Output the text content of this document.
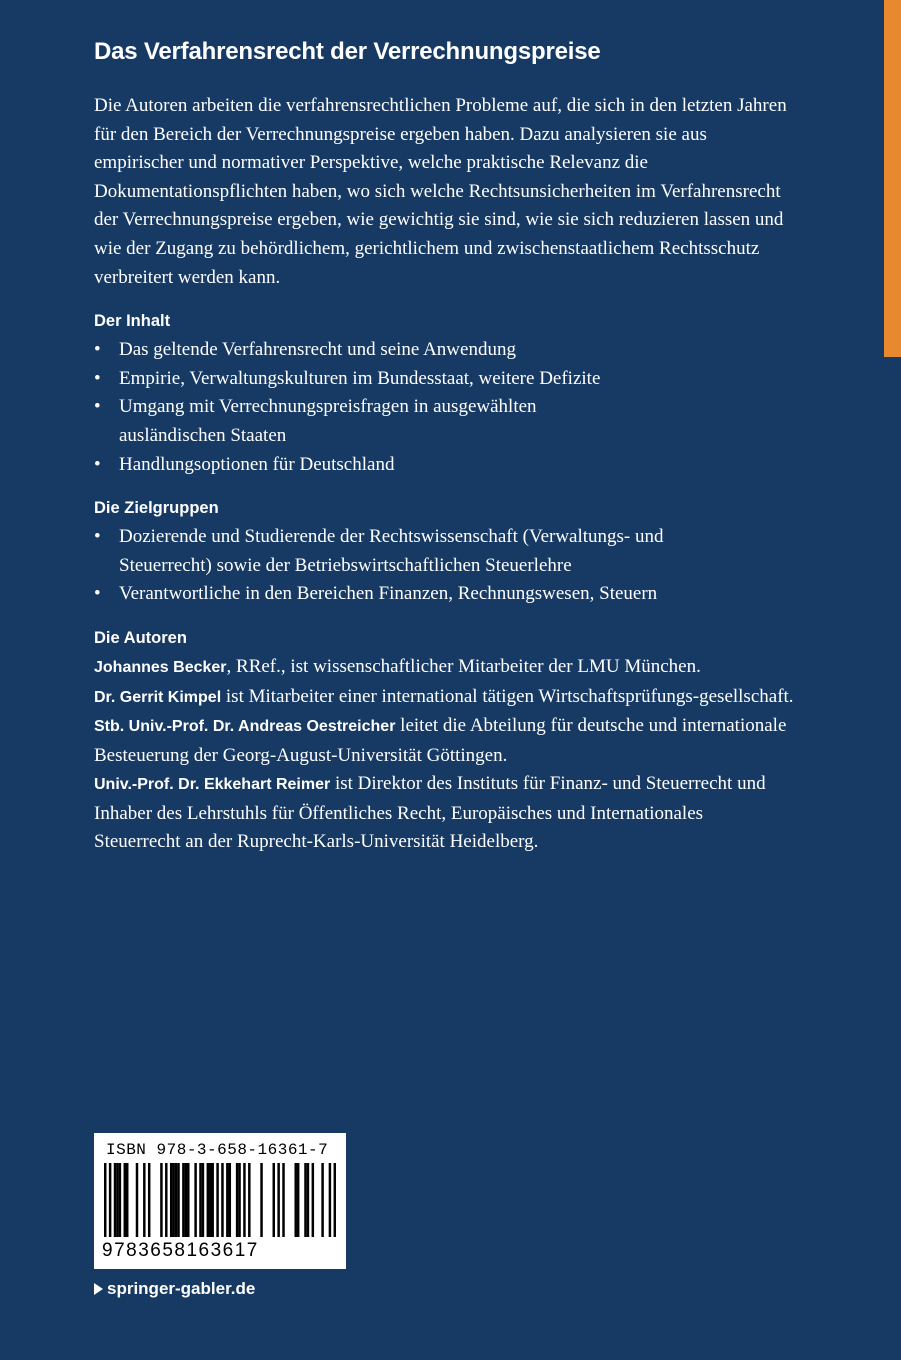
Das Verfahrensrecht der Verrechnungspreise

Die Autoren arbeiten die verfahrensrechtlichen Probleme auf, die sich in den letzten Jahren für den Bereich der Verrechnungspreise ergeben haben. Dazu analysieren sie aus empirischer und normativer Perspektive, welche praktische Relevanz die Dokumentationspflichten haben, wo sich welche Rechtsunsicherheiten im Verfahrensrecht der Verrechnungspreise ergeben, wie gewichtig sie sind, wie sie sich reduzieren lassen und wie der Zugang zu behördlichem, gerichtlichem und zwischenstaatlichem Rechtsschutz verbreitert werden kann.

Der Inhalt
• Das geltende Verfahrensrecht und seine Anwendung
• Empirie, Verwaltungskulturen im Bundesstaat, weitere Defizite
• Umgang mit Verrechnungspreisfragen in ausgewählten ausländischen Staaten
• Handlungsoptionen für Deutschland
Die Zielgruppen
• Dozierende und Studierende der Rechtswissenschaft (Verwaltungs- und Steuerrecht) sowie der Betriebswirtschaftlichen Steuerlehre
• Verantwortliche in den Bereichen Finanzen, Rechnungswesen, Steuern
Die Autoren

Johannes Becker, RRef., ist wissenschaftlicher Mitarbeiter der LMU München.

Dr. Gerrit Kimpel ist Mitarbeiter einer international tätigen Wirtschaftsprüfungs-gesellschaft.

Stb. Univ.-Prof. Dr. Andreas Oestreicher leitet die Abteilung für deutsche und internationale Besteuerung der Georg-August-Universität Göttingen.

Univ.-Prof. Dr. Ekkehart Reimer ist Direktor des Instituts für Finanz- und Steuerrecht und Inhaber des Lehrstuhls für Öffentliches Recht, Europäisches und Internationales Steuerrecht an der Ruprecht-Karls-Universität Heidelberg.

ISBN 978-3-658-16361-7
9783658163617
springer-gabler.de
